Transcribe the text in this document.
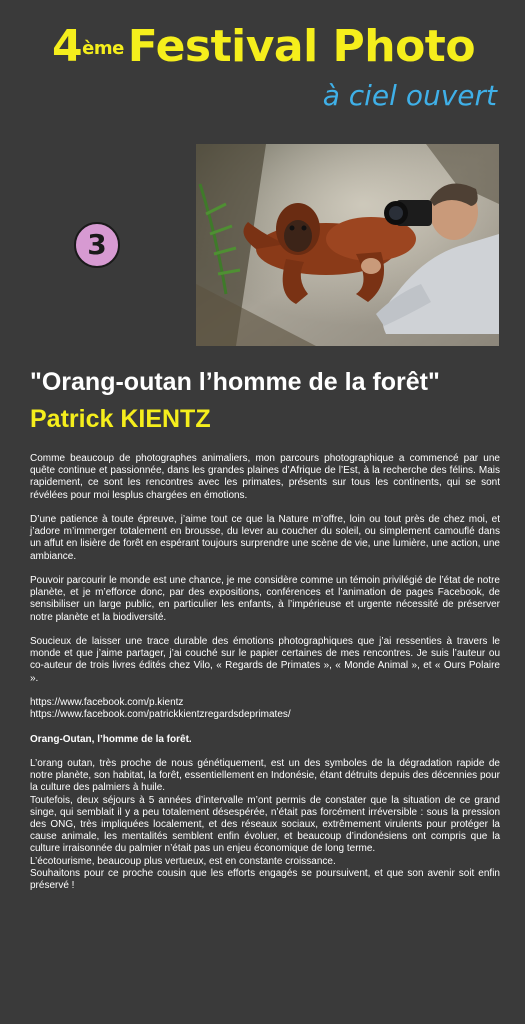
4èmeFestival Photo
à ciel ouvert
3
"Orang-outan l’homme de la forêt"
Patrick KIENTZ

Comme beaucoup de photographes animaliers, mon parcours photographique a commencé par une quête continue et passionnée, dans les grandes plaines d’Afrique de l’Est, à la recherche des félins. Mais rapidement, ce sont les rencontres avec les primates, présents sur tous les continents, qui se sont révélées pour moi lesplus chargées en émotions.

D’une patience à toute épreuve, j’aime tout ce que la Nature m’offre, loin ou tout près de chez moi, et j’adore m’immerger totalement en brousse, du lever au coucher du soleil, ou simplement camouflé dans un affut en lisière de forêt en espérant toujours surprendre une scène de vie, une lumière, une action, une ambiance.

Pouvoir parcourir le monde est une chance, je me considère comme un témoin privilégié de l’état de notre planète, et je m’efforce donc, par des expositions, conférences et l’animation de pages Facebook, de sensibiliser un large public, en particulier les enfants, à l’impérieuse et urgente nécessité de préserver notre planète et la biodiversité.

Soucieux de laisser une trace durable des émotions photographiques que j’ai ressenties à travers le monde et que j’aime partager, j’ai couché sur le papier certaines de mes rencontres. Je suis l’auteur ou co-auteur de trois livres édités chez Vilo, « Regards de Primates », « Monde Animal », et « Ours Polaire ».

https://www.facebook.com/p.kientz
https://www.facebook.com/patrickkientzregardsdeprimates/

Orang-Outan, l’homme de la forêt.

L’orang outan, très proche de nous génétiquement, est un des symboles de la dégradation rapide de notre planète, son habitat, la forêt, essentiellement en Indonésie, étant détruits depuis des décennies pour la culture des palmiers à huile.

Toutefois, deux séjours à 5 années d’intervalle m’ont permis de constater que la situation de ce grand singe, qui semblait il y a peu totalement désespérée, n’était pas forcément irréversible : sous la pression des ONG, très impliquées localement, et des réseaux sociaux, extrêmement virulents pour protéger la cause animale, les mentalités semblent enfin évoluer, et beaucoup d’indonésiens ont compris que la culture irraisonnée du palmier n’était pas un enjeu économique de long terme.

L’écotourisme, beaucoup plus vertueux, est en constante croissance.

Souhaitons pour ce proche cousin que les efforts engagés se poursuivent, et que son avenir soit enfin préservé !
